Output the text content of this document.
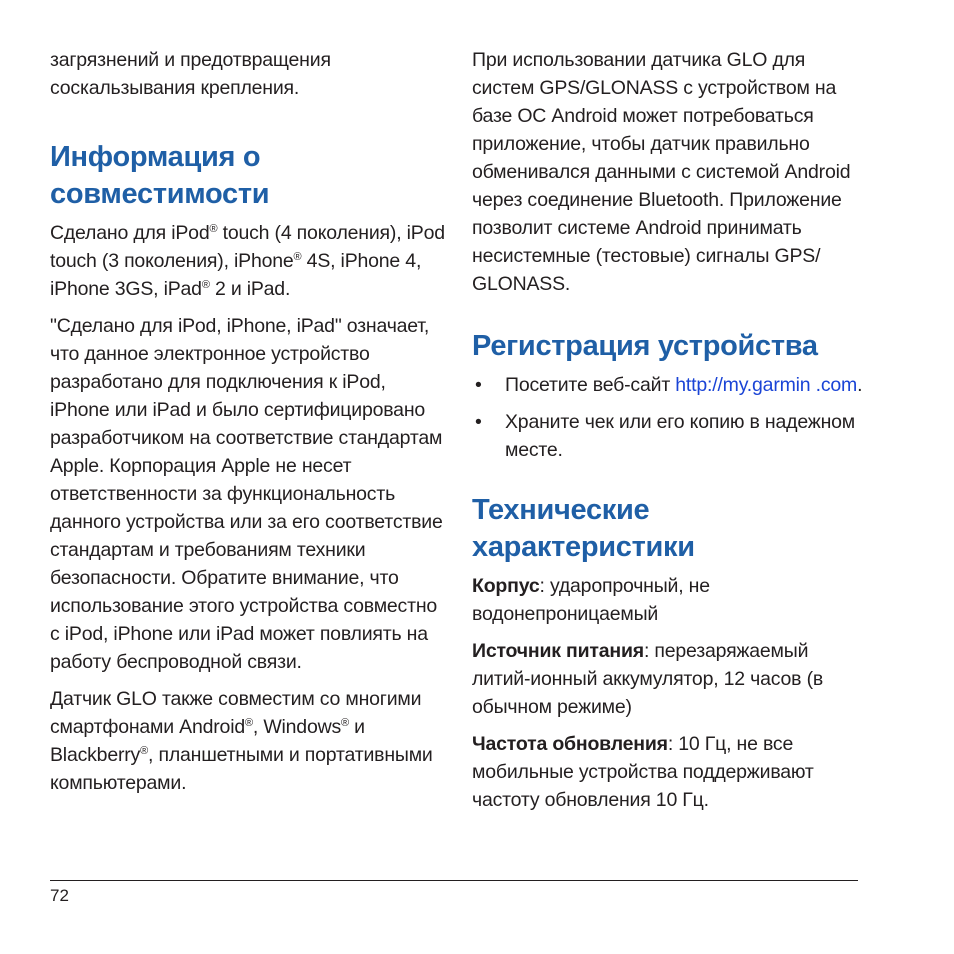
загрязнений и предотвращения соскальзывания крепления.

Информация о совместимости

Сделано для iPod® touch (4 поколения), iPod touch (3 поколения), iPhone® 4S, iPhone 4, iPhone 3GS, iPad® 2 и iPad.

"Сделано для iPod, iPhone, iPad" означает, что данное электронное устройство разработано для подключения к iPod, iPhone или iPad и было сертифицировано разработчиком на соответствие стандартам Apple. Корпорация Apple не несет ответственности за функциональность данного устройства или за его соответствие стандартам и требованиям техники безопасности. Обратите внимание, что использование этого устройства совместно с iPod, iPhone или iPad может повлиять на работу беспроводной связи.

Датчик GLO также совместим со многими смартфонами Android®, Windows® и Blackberry®, планшетными и портативными компьютерами.

При использовании датчика GLO для систем GPS/GLONASS с устройством на базе ОС Android может потребоваться приложение, чтобы датчик правильно обменивался данными с системой Android через соединение Bluetooth. Приложение позволит системе Android принимать несистемные (тестовые) сигналы GPS/ GLONASS.

Регистрация устройства
• Посетите веб-сайт http://my.garmin .com.
• Храните чек или его копию в надежном месте.
Технические характеристики

Корпус: ударопрочный, не водонепроницаемый

Источник питания: перезаряжаемый литий-ионный аккумулятор, 12 часов (в обычном режиме)

Частота обновления: 10 Гц, не все мобильные устройства поддерживают частоту обновления 10 Гц.

72
